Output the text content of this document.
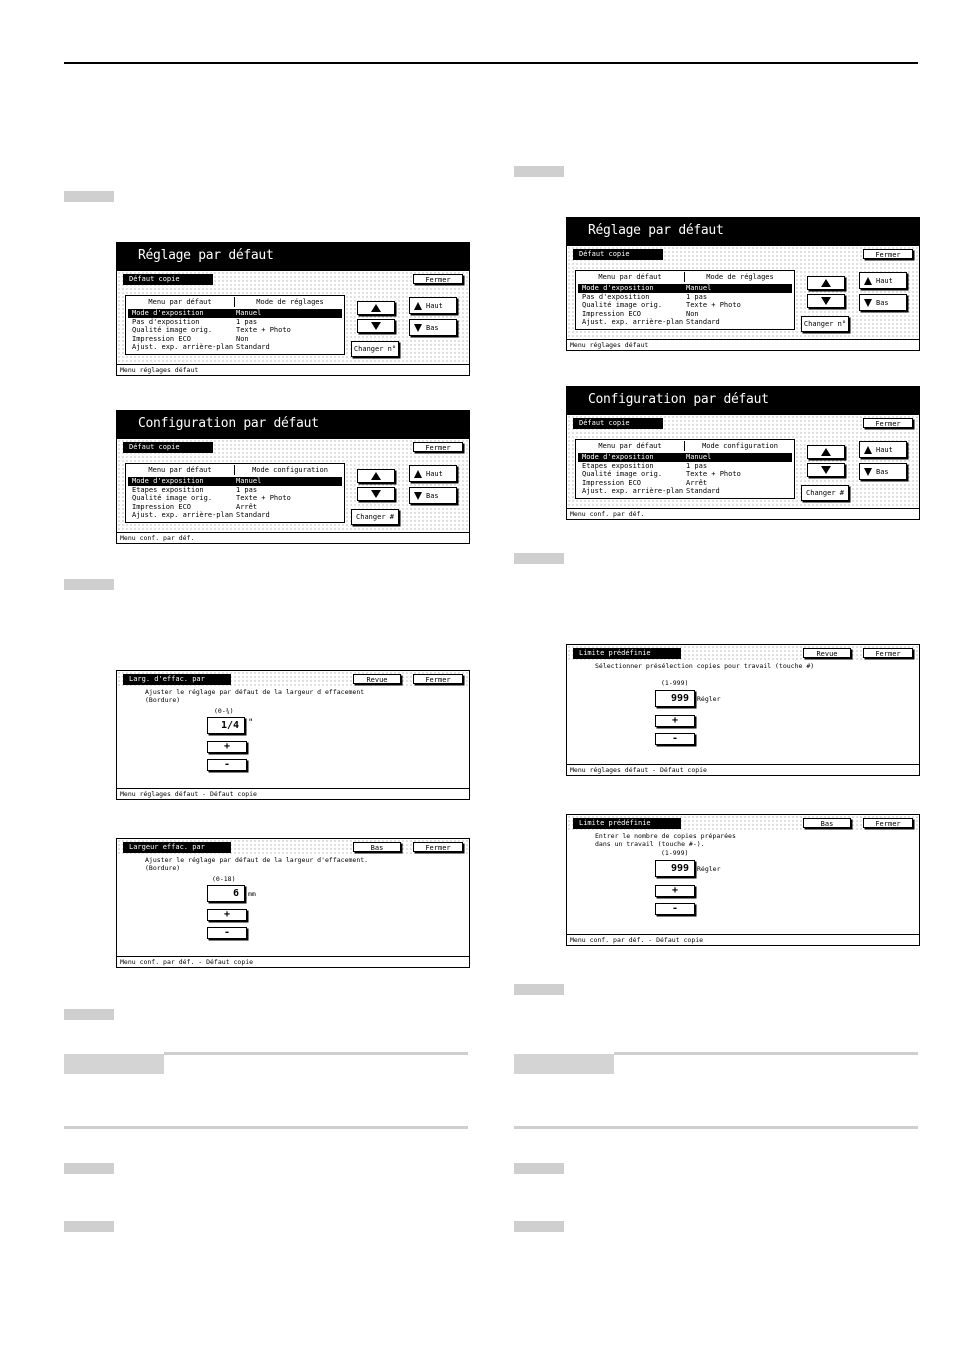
Réglage par défaut
Défaut copie	Fermer
Menu par défaut	Mode de réglages
Mode d'exposition	Manuel
Pas d'exposition	1 pas
Qualité image orig.	Texte + Photo
Impression ECO	Non
Ajust. exp. arrière-plan Standard
Haut
Bas
Changer n°
Menu réglages défaut
Configuration par défaut
Défaut copie	Fermer
Menu par défaut	Mode configuration
Mode d'exposition	Manuel
Etapes exposition	1 pas
Qualité image orig.	Texte + Photo
Impression ECO	Arrêt
Ajust. exp. arrière-plan Standard
Haut
Bas
Changer #
Menu conf. par déf.
Larg. d'effac. par défaut
Revue	Fermer
Ajuster le réglage par défaut de la largeur d effacement
(Bordure)
(0-¾)
1/4	"
+
-
Menu réglages défaut - Défaut copie
Largeur effac. par défaut
Bas	Fermer
Ajuster le réglage par défaut de la largeur d'effacement.
(Bordure)
(0-18)
6	mm
+
-
Menu conf. par déf. - Défaut copie
Réglage par défaut
Défaut copie	Fermer
Menu par défaut	Mode de réglages
Mode d'exposition	Manuel
Pas d'exposition	1 pas
Qualité image orig.	Texte + Photo
Impression ECO	Non
Ajust. exp. arrière-plan Standard
Haut
Bas
Changer n°
Menu réglages défaut
Configuration par défaut
Défaut copie	Fermer
Menu par défaut	Mode configuration
Mode d'exposition	Manuel
Etapes exposition	1 pas
Qualité image orig.	Texte + Photo
Impression ECO	Arrêt
Ajust. exp. arrière-plan Standard
Haut
Bas
Changer #
Menu conf. par déf.
Limite prédéfinie	Revue	Fermer
Sélectionner présélection copies pour travail (touche #)
(1-999)
999	Régler
+
-
Menu réglages défaut - Défaut copie
Limite prédéfinie	Bas	Fermer
Entrer le nombre de copies préparées
dans un travail (touche #-).
(1-999)
999	Régler
+
-
Menu conf. par déf. - Défaut copie
